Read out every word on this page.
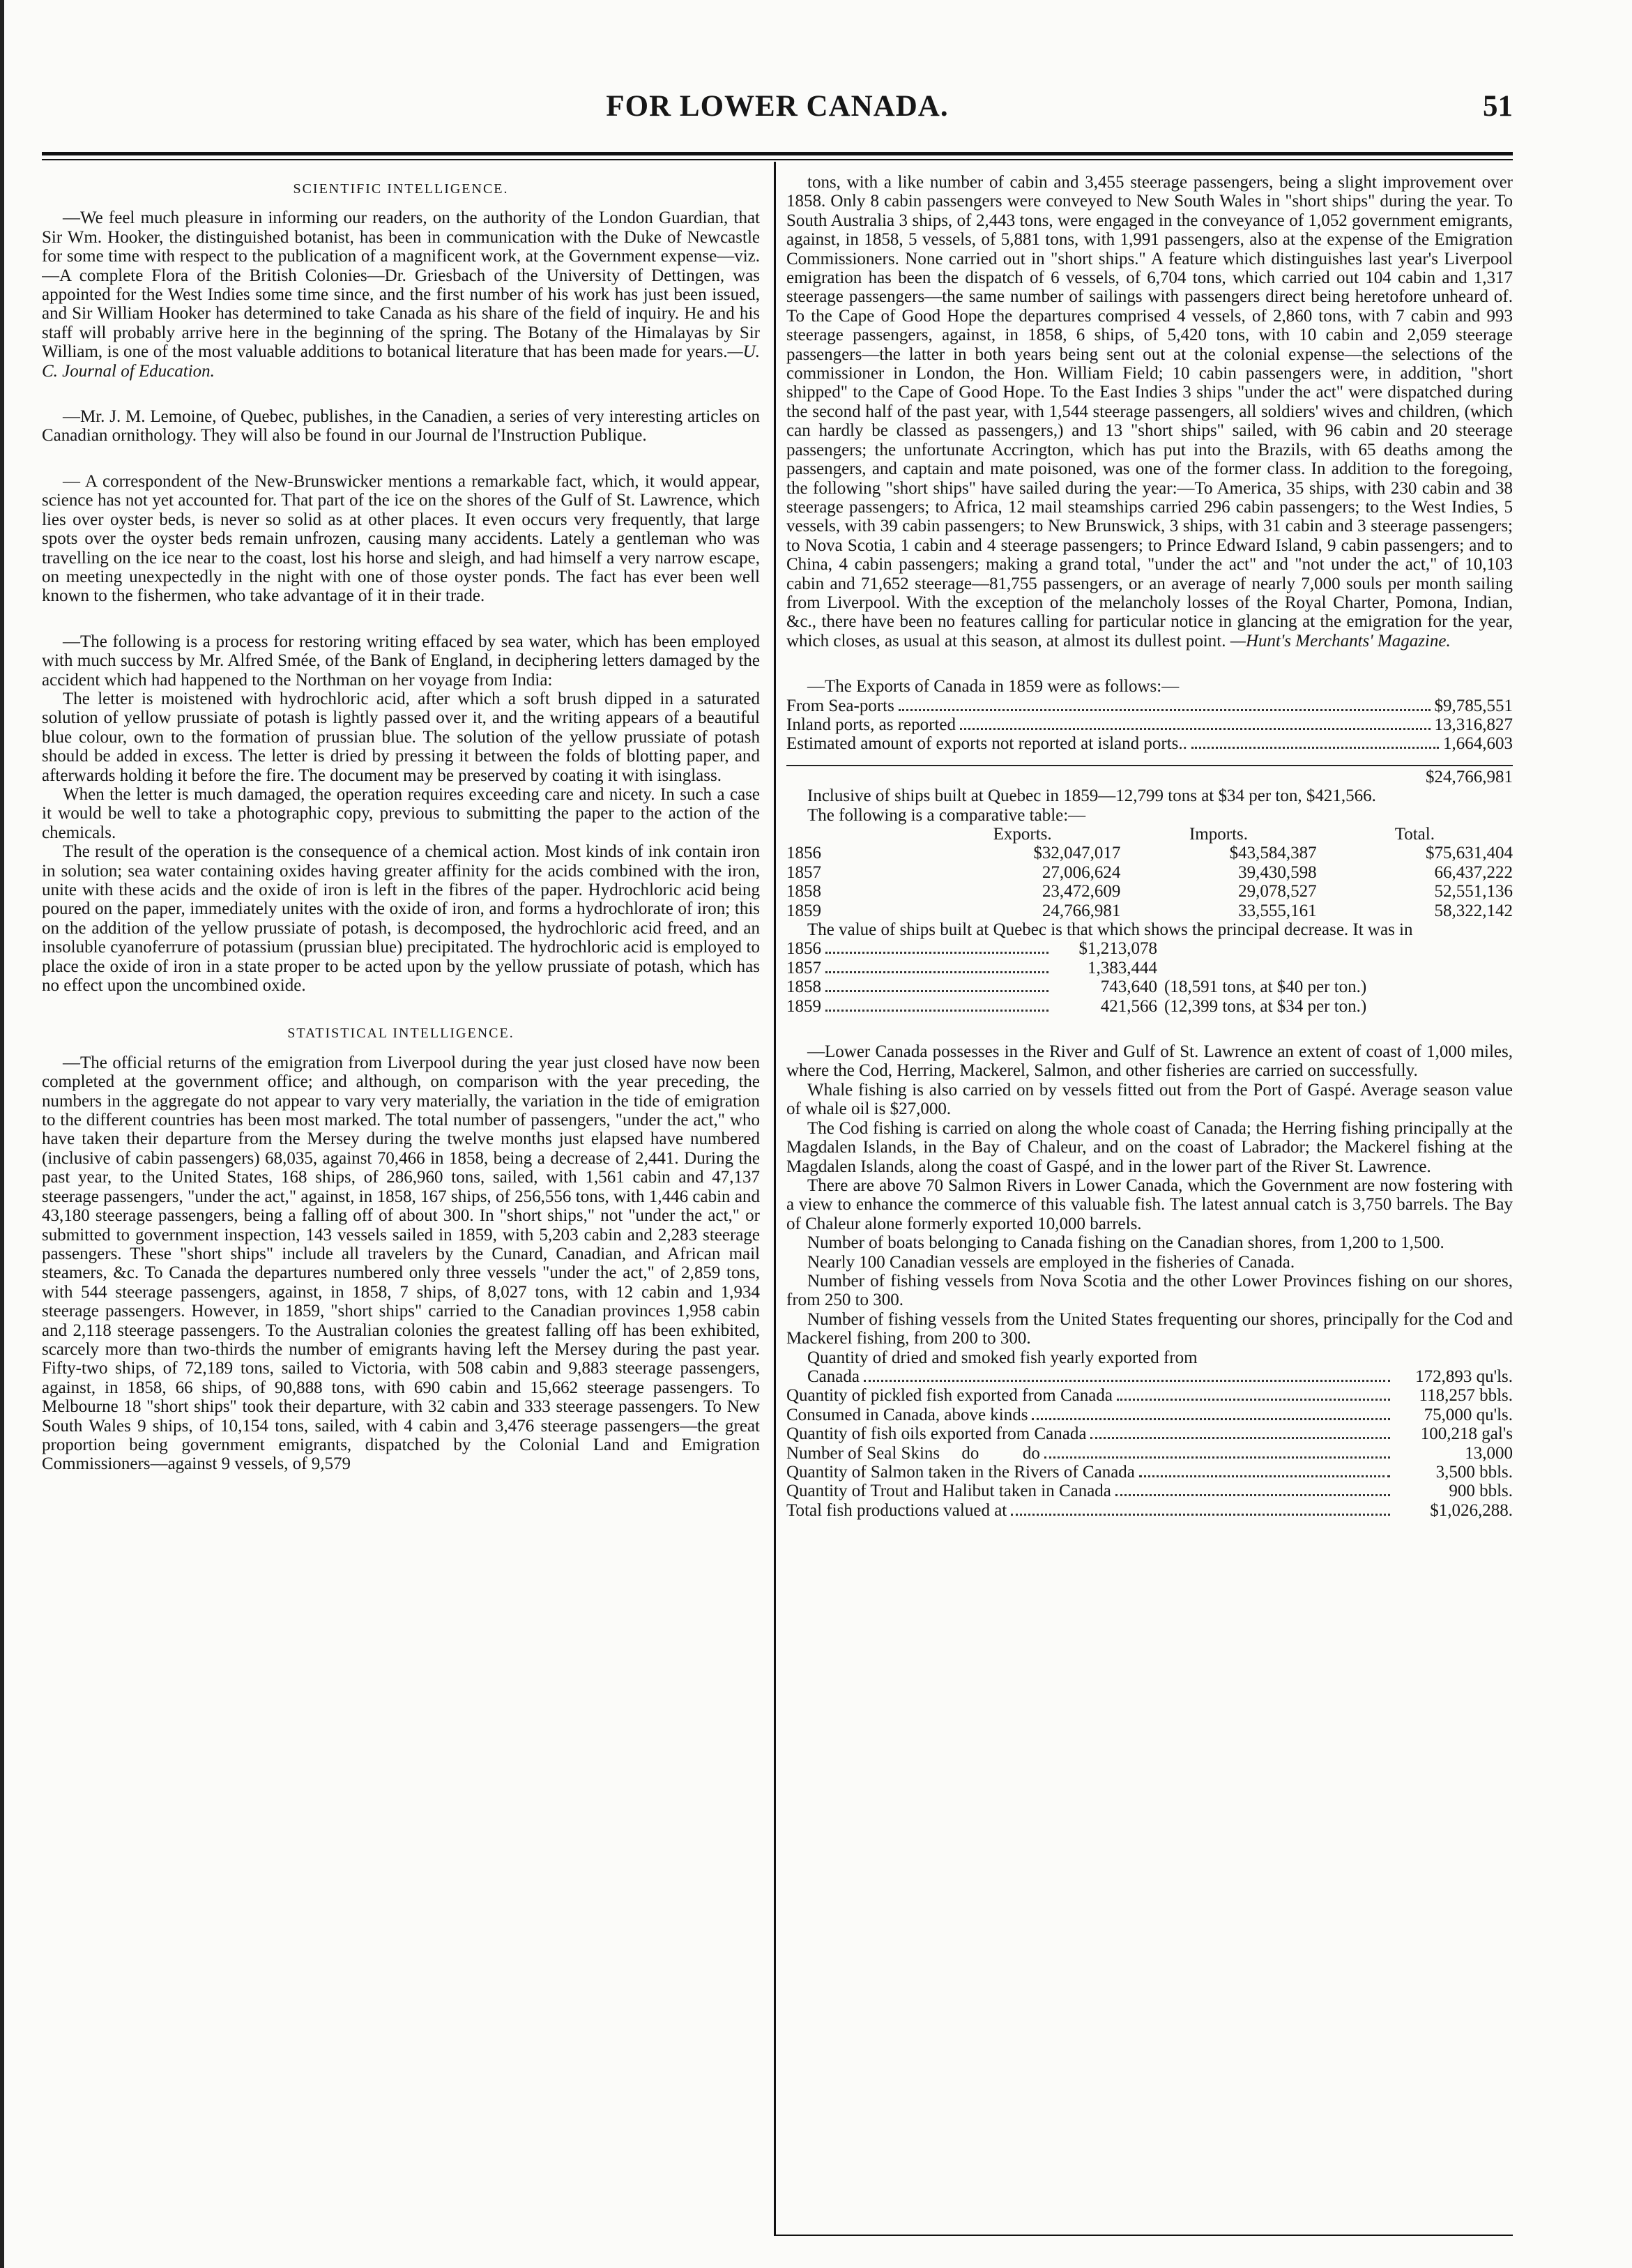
FOR LOWER CANADA.	51
SCIENTIFIC INTELLIGENCE.

—We feel much pleasure in informing our readers, on the authority of the London Guardian, that Sir Wm. Hooker, the distinguished botanist, has been in communication with the Duke of Newcastle for some time with respect to the publication of a magnificent work, at the Government expense—viz.—A complete Flora of the British Colonies—Dr. Griesbach of the University of Dettingen, was appointed for the West Indies some time since, and the first number of his work has just been issued, and Sir William Hooker has determined to take Canada as his share of the field of inquiry. He and his staff will probably arrive here in the beginning of the spring. The Botany of the Himalayas by Sir William, is one of the most valuable additions to botanical literature that has been made for years.—U. C. Journal of Education.

—Mr. J. M. Lemoine, of Quebec, publishes, in the Canadien, a series of very interesting articles on Canadian ornithology. They will also be found in our Journal de l'Instruction Publique.

— A correspondent of the New-Brunswicker mentions a remarkable fact, which, it would appear, science has not yet accounted for. That part of the ice on the shores of the Gulf of St. Lawrence, which lies over oyster beds, is never so solid as at other places. It even occurs very frequently, that large spots over the oyster beds remain unfrozen, causing many accidents. Lately a gentleman who was travelling on the ice near to the coast, lost his horse and sleigh, and had himself a very narrow escape, on meeting unexpectedly in the night with one of those oyster ponds. The fact has ever been well known to the fishermen, who take advantage of it in their trade.

—The following is a process for restoring writing effaced by sea water, which has been employed with much success by Mr. Alfred Smée, of the Bank of England, in deciphering letters damaged by the accident which had happened to the Northman on her voyage from India:

The letter is moistened with hydrochloric acid, after which a soft brush dipped in a saturated solution of yellow prussiate of potash is lightly passed over it, and the writing appears of a beautiful blue colour, own to the formation of prussian blue. The solution of the yellow prussiate of potash should be added in excess. The letter is dried by pressing it between the folds of blotting paper, and afterwards holding it before the fire. The document may be preserved by coating it with isinglass.

When the letter is much damaged, the operation requires exceeding care and nicety. In such a case it would be well to take a photographic copy, previous to submitting the paper to the action of the chemicals.

The result of the operation is the consequence of a chemical action. Most kinds of ink contain iron in solution; sea water containing oxides having greater affinity for the acids combined with the iron, unite with these acids and the oxide of iron is left in the fibres of the paper. Hydrochloric acid being poured on the paper, immediately unites with the oxide of iron, and forms a hydrochlorate of iron; this on the addition of the yellow prussiate of potash, is decomposed, the hydrochloric acid freed, and an insoluble cyanoferrure of potassium (prussian blue) precipitated. The hydrochloric acid is employed to place the oxide of iron in a state proper to be acted upon by the yellow prussiate of potash, which has no effect upon the uncombined oxide.

STATISTICAL INTELLIGENCE.

—The official returns of the emigration from Liverpool during the year just closed have now been completed at the government office; and although, on comparison with the year preceding, the numbers in the aggregate do not appear to vary very materially, the variation in the tide of emigration to the different countries has been most marked. The total number of passengers, "under the act," who have taken their departure from the Mersey during the twelve months just elapsed have numbered (inclusive of cabin passengers) 68,035, against 70,466 in 1858, being a decrease of 2,441. During the past year, to the United States, 168 ships, of 286,960 tons, sailed, with 1,561 cabin and 47,137 steerage passengers, "under the act," against, in 1858, 167 ships, of 256,556 tons, with 1,446 cabin and 43,180 steerage passengers, being a falling off of about 300. In "short ships," not "under the act," or submitted to government inspection, 143 vessels sailed in 1859, with 5,203 cabin and 2,283 steerage passengers. These "short ships" include all travelers by the Cunard, Canadian, and African mail steamers, &c. To Canada the departures numbered only three vessels "under the act," of 2,859 tons, with 544 steerage passengers, against, in 1858, 7 ships, of 8,027 tons, with 12 cabin and 1,934 steerage passengers. However, in 1859, "short ships" carried to the Canadian provinces 1,958 cabin and 2,118 steerage passengers. To the Australian colonies the greatest falling off has been exhibited, scarcely more than two-thirds the number of emigrants having left the Mersey during the past year. Fifty-two ships, of 72,189 tons, sailed to Victoria, with 508 cabin and 9,883 steerage passengers, against, in 1858, 66 ships, of 90,888 tons, with 690 cabin and 15,662 steerage passengers. To Melbourne 18 "short ships" took their departure, with 32 cabin and 333 steerage passengers. To New South Wales 9 ships, of 10,154 tons, sailed, with 4 cabin and 3,476 steerage passengers—the great proportion being government emigrants, dispatched by the Colonial Land and Emigration Commissioners—against 9 vessels, of 9,579

tons, with a like number of cabin and 3,455 steerage passengers, being a slight improvement over 1858. Only 8 cabin passengers were conveyed to New South Wales in "short ships" during the year. To South Australia 3 ships, of 2,443 tons, were engaged in the conveyance of 1,052 government emigrants, against, in 1858, 5 vessels, of 5,881 tons, with 1,991 passengers, also at the expense of the Emigration Commissioners. None carried out in "short ships." A feature which distinguishes last year's Liverpool emigration has been the dispatch of 6 vessels, of 6,704 tons, which carried out 104 cabin and 1,317 steerage passengers—the same number of sailings with passengers direct being heretofore unheard of. To the Cape of Good Hope the departures comprised 4 vessels, of 2,860 tons, with 7 cabin and 993 steerage passengers, against, in 1858, 6 ships, of 5,420 tons, with 10 cabin and 2,059 steerage passengers—the latter in both years being sent out at the colonial expense—the selections of the commissioner in London, the Hon. William Field; 10 cabin passengers were, in addition, "short shipped" to the Cape of Good Hope. To the East Indies 3 ships "under the act" were dispatched during the second half of the past year, with 1,544 steerage passengers, all soldiers' wives and children, (which can hardly be classed as passengers,) and 13 "short ships" sailed, with 96 cabin and 20 steerage passengers; the unfortunate Accrington, which has put into the Brazils, with 65 deaths among the passengers, and captain and mate poisoned, was one of the former class. In addition to the foregoing, the following "short ships" have sailed during the year:—To America, 35 ships, with 230 cabin and 38 steerage passengers; to Africa, 12 mail steamships carried 296 cabin passengers; to the West Indies, 5 vessels, with 39 cabin passengers; to New Brunswick, 3 ships, with 31 cabin and 3 steerage passengers; to Nova Scotia, 1 cabin and 4 steerage passengers; to Prince Edward Island, 9 cabin passengers; and to China, 4 cabin passengers; making a grand total, "under the act" and "not under the act," of 10,103 cabin and 71,652 steerage—81,755 passengers, or an average of nearly 7,000 souls per month sailing from Liverpool. With the exception of the melancholy losses of the Royal Charter, Pomona, Indian, &c., there have been no features calling for particular notice in glancing at the emigration for the year, which closes, as usual at this season, at almost its dullest point. —Hunt's Merchants' Magazine.

—The Exports of Canada in 1859 were as follows:—

From Sea-ports	$9,785,551
Inland ports, as reported	13,316,827
Estimated amount of exports not reported at island ports..	1,664,603
$24,766,981

Inclusive of ships built at Quebec in 1859—12,799 tons at $34 per ton, $421,566.

The following is a comparative table:—

	Exports.	Imports.	Total.
1856	$32,047,017	$43,584,387	$75,631,404
1857	27,006,624	39,430,598	66,437,222
1858	23,472,609	29,078,527	52,551,136
1859	24,766,981	33,555,161	58,322,142

The value of ships built at Quebec is that which shows the principal decrease. It was in

1856	$1,213,078
1857	1,383,444
1858	743,640 (18,591 tons, at $40 per ton.)
1859	421,566 (12,399 tons, at $34 per ton.)

—Lower Canada possesses in the River and Gulf of St. Lawrence an extent of coast of 1,000 miles, where the Cod, Herring, Mackerel, Salmon, and other fisheries are carried on successfully.

Whale fishing is also carried on by vessels fitted out from the Port of Gaspé. Average season value of whale oil is $27,000.

The Cod fishing is carried on along the whole coast of Canada; the Herring fishing principally at the Magdalen Islands, in the Bay of Chaleur, and on the coast of Labrador; the Mackerel fishing at the Magdalen Islands, along the coast of Gaspé, and in the lower part of the River St. Lawrence.

There are above 70 Salmon Rivers in Lower Canada, which the Government are now fostering with a view to enhance the commerce of this valuable fish. The latest annual catch is 3,750 barrels. The Bay of Chaleur alone formerly exported 10,000 barrels.

Number of boats belonging to Canada fishing on the Canadian shores, from 1,200 to 1,500.

Nearly 100 Canadian vessels are employed in the fisheries of Canada.

Number of fishing vessels from Nova Scotia and the other Lower Provinces fishing on our shores, from 250 to 300.

Number of fishing vessels from the United States frequenting our shores, principally for the Cod and Mackerel fishing, from 200 to 300.

Quantity of dried and smoked fish yearly exported from

Canada	172,893 qu'ls.
Quantity of pickled fish exported from Canada	118,257 bbls.
Consumed in Canada, above kinds	75,000 qu'ls.
Quantity of fish oils exported from Canada	100,218 gal's
Number of Seal Skins     do          do	13,000
Quantity of Salmon taken in the Rivers of Canada	3,500 bbls.
Quantity of Trout and Halibut taken in Canada	900 bbls.
Total fish productions valued at	$1,026,288.
